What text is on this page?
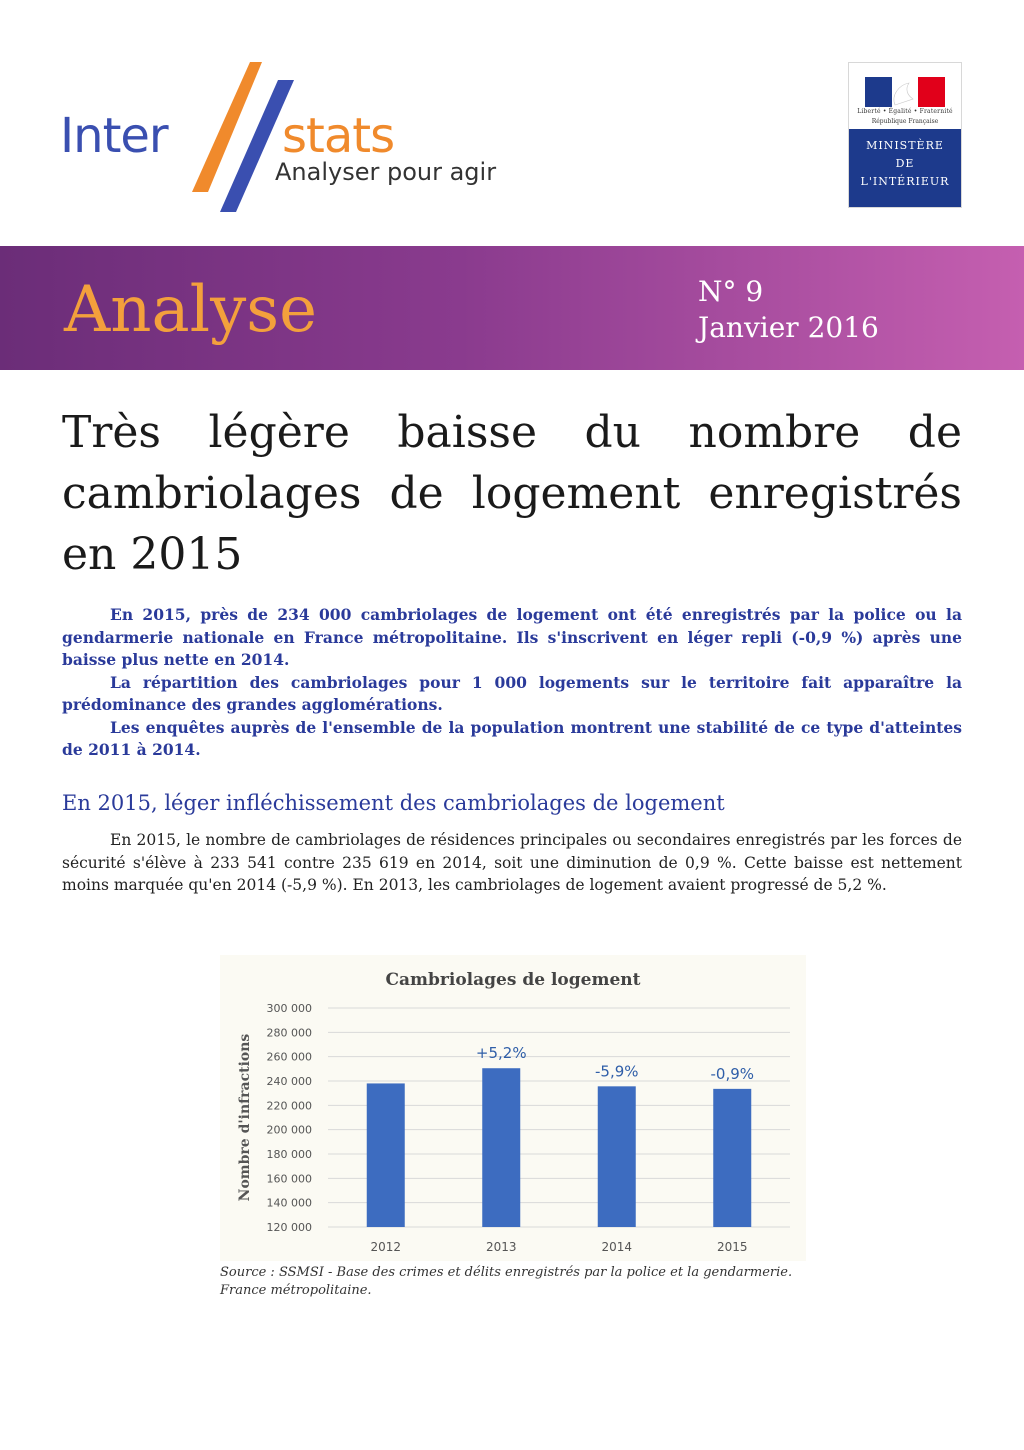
Inter stats
Analyser pour agir
Liberté • Égalité • Fraternité
République Française
MINISTÈRE
DE
L'INTÉRIEUR
Analyse	N° 9
Janvier 2016
Très légère baisse du nombre de cambriolages de logement enregistrés en 2015

En 2015, près de 234 000 cambriolages de logement ont été enregistrés par la police ou la gendarmerie nationale en France métropolitaine. Ils s'inscrivent en léger repli (-0,9 %) après une baisse plus nette en 2014.

La répartition des cambriolages pour 1 000 logements sur le territoire fait apparaître la prédominance des grandes agglomérations.

Les enquêtes auprès de l'ensemble de la population montrent une stabilité de ce type d'atteintes de 2011 à 2014.

En 2015, léger infléchissement des cambriolages de logement

En 2015, le nombre de cambriolages de résidences principales ou secondaires enregistrés par les forces de sécurité s'élève à 233 541 contre 235 619 en 2014, soit une diminution de 0,9 %. Cette baisse est nettement moins marquée qu'en 2014 (-5,9 %). En 2013, les cambriolages de logement avaient progressé de 5,2 %.

Cambriolages de logement
Nombre d'infractions
120 000
140 000
160 000
180 000
200 000
220 000
240 000
260 000
280 000
300 000
2012	2013
+5,2%
2014
-5,9%
2015
-0,9%

Source : SSMSI - Base des crimes et délits enregistrés par la police et la gendarmerie. France métropolitaine.
